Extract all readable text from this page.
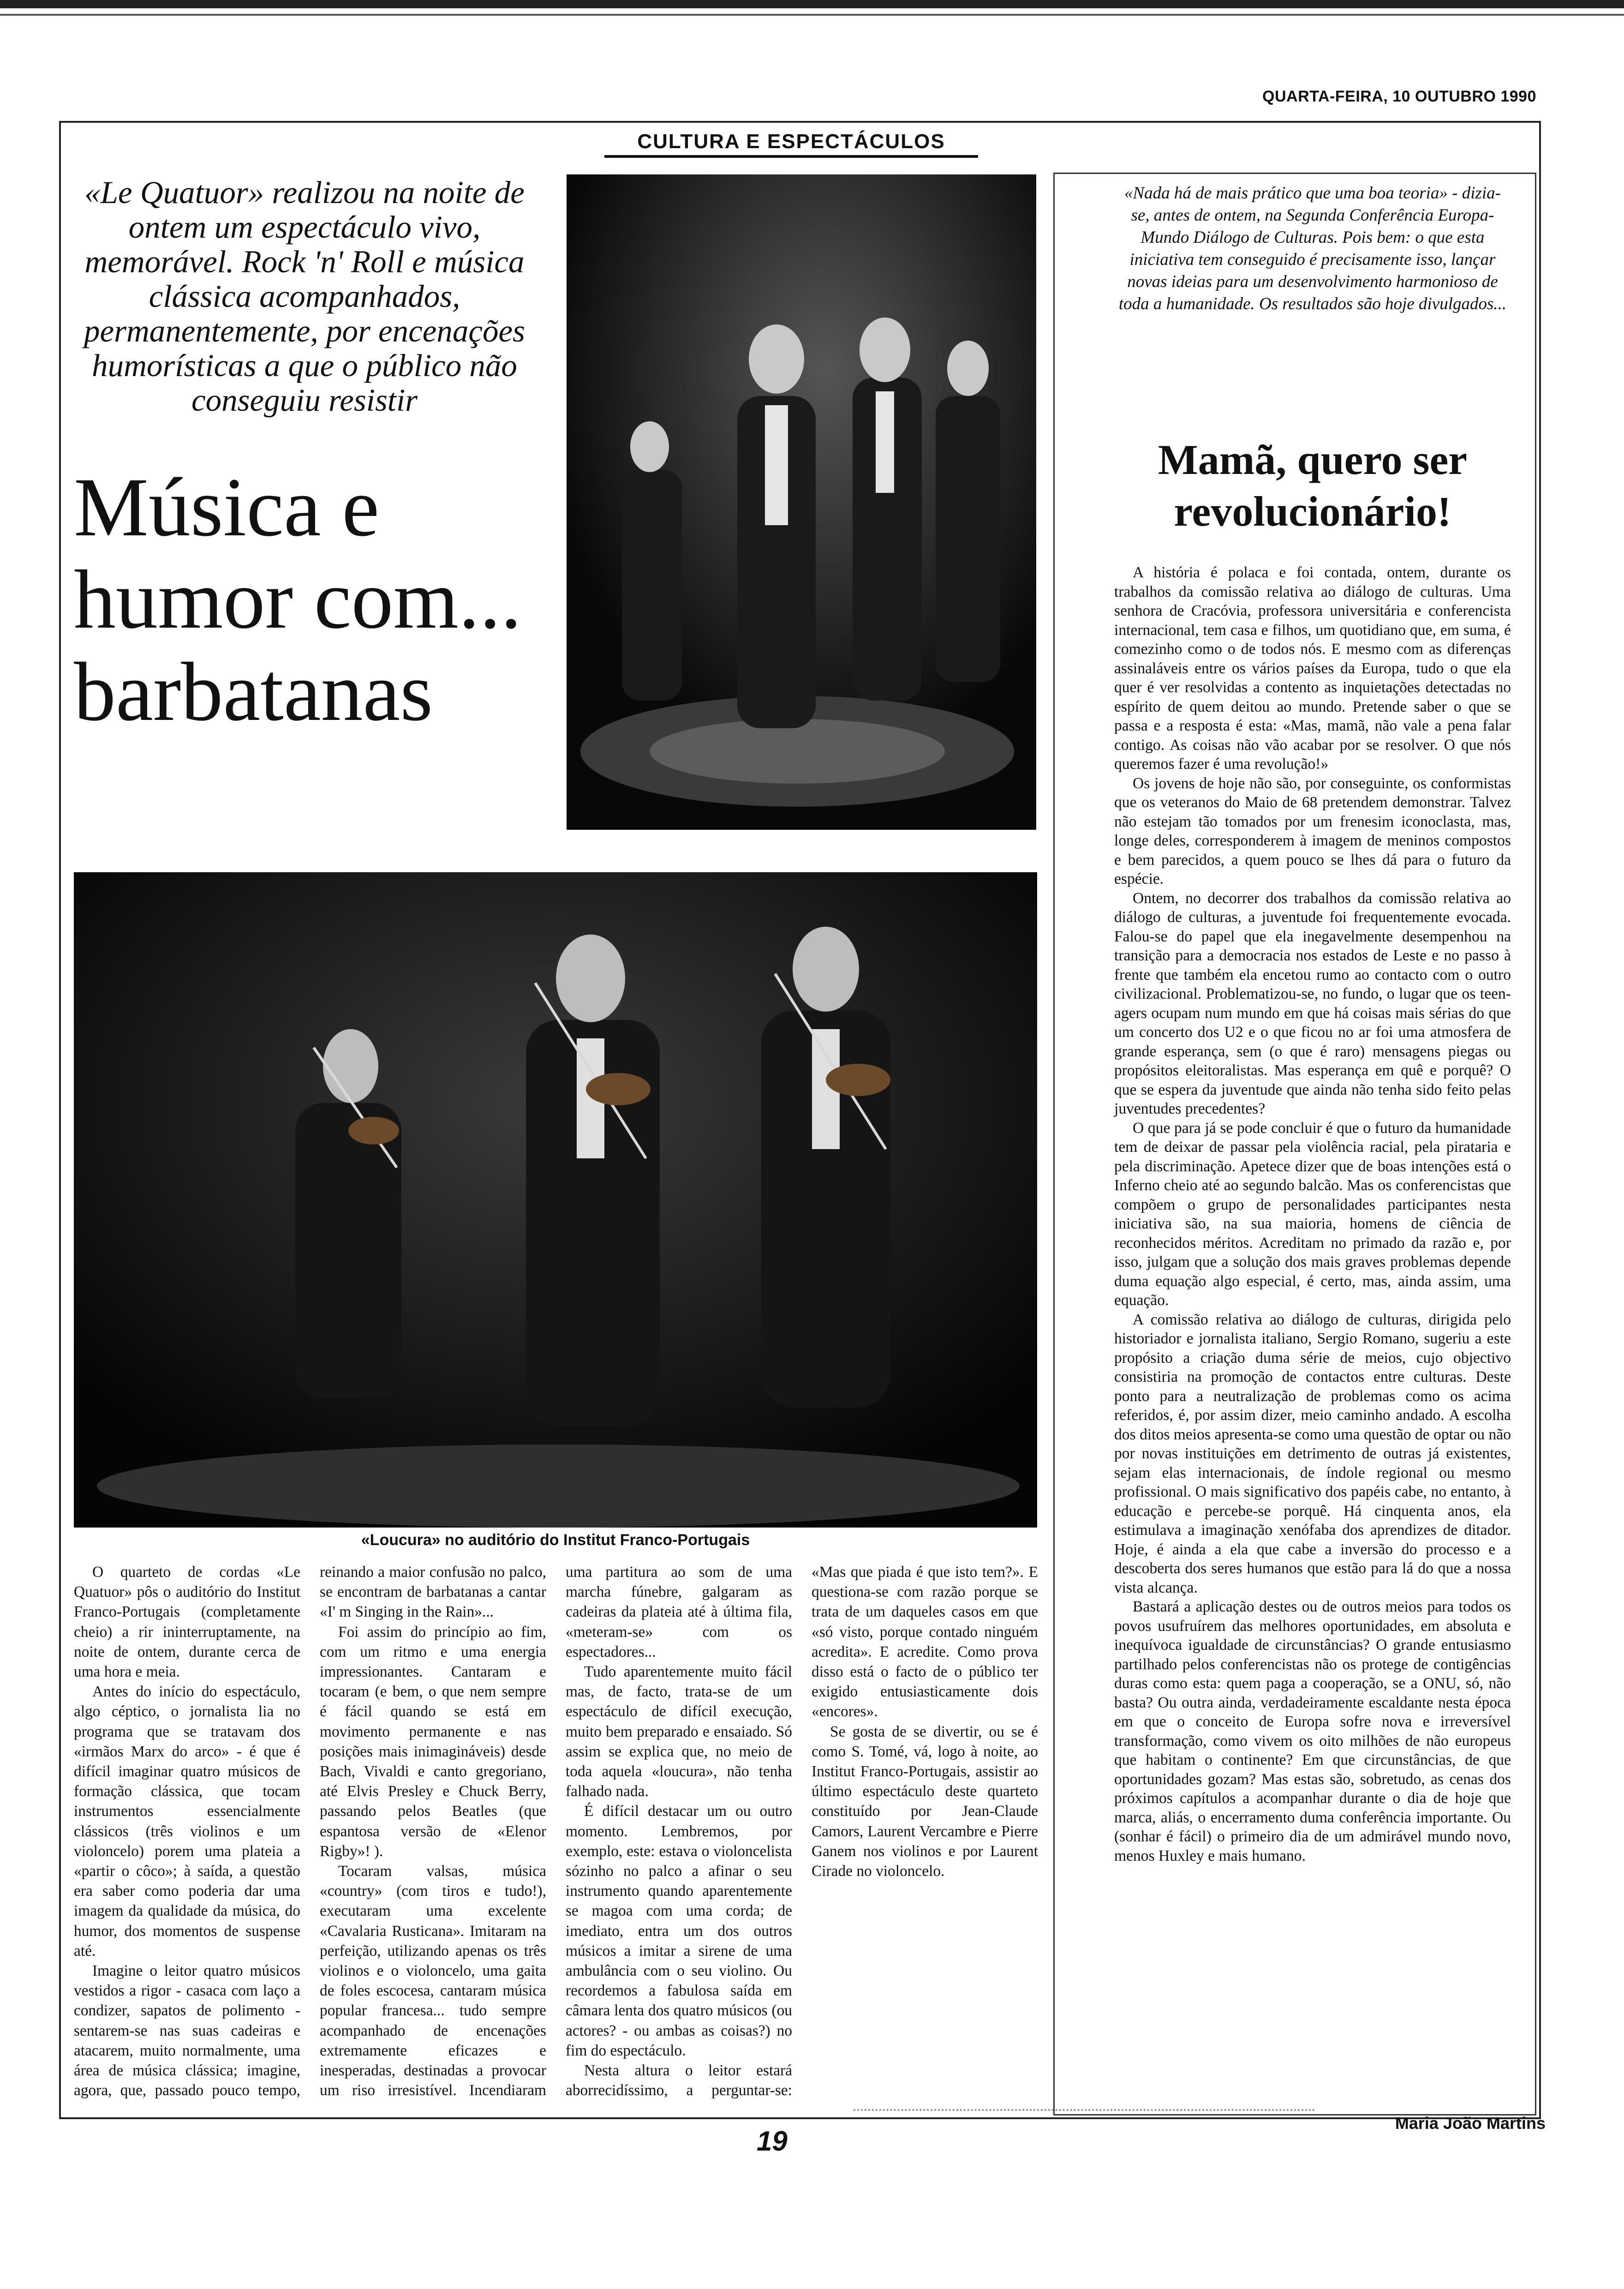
QUARTA-FEIRA, 10 OUTUBRO 1990
CULTURA E ESPECTÁCULOS
«Le Quatuor» realizou na noite de ontem um espectáculo vivo, memorável. Rock 'n' Roll e música clássica acompanhados, permanentemente, por encenações humorísticas a que o público não conseguiu resistir
Música e humor com... barbatanas
«Loucura» no auditório do Institut Franco-Portugais

O quarteto de cordas «Le Quatuor» pôs o auditório do Institut Franco-Portugais (completamente cheio) a rir ininterruptamente, na noite de ontem, durante cerca de uma hora e meia.

Antes do início do espectáculo, algo céptico, o jornalista lia no programa que se tratavam dos «irmãos Marx do arco» - é que é difícil imaginar quatro músicos de formação clássica, que tocam instrumentos essencialmente clássicos (três violinos e um violoncelo) porem uma plateia a «partir o côco»; à saída, a questão era saber como poderia dar uma imagem da qualidade da música, do humor, dos momentos de suspense até.

Imagine o leitor quatro músicos vestidos a rigor - casaca com laço a condizer, sapatos de polimento - sentarem-se nas suas cadeiras e atacarem, muito normalmente, uma área de música clássica; imagine, agora, que, passado pouco tempo, reinando a maior confusão no palco, se encontram de barbatanas a cantar «I' m Singing in the Rain»...

Foi assim do princípio ao fim, com um ritmo e uma energia impressionantes. Cantaram e tocaram (e bem, o que nem sempre é fácil quando se está em movimento permanente e nas posições mais inimagináveis) desde Bach, Vivaldi e canto gregoriano, até Elvis Presley e Chuck Berry, passando pelos Beatles (que espantosa versão de «Elenor Rigby»! ).

Tocaram valsas, música «country» (com tiros e tudo!), executaram uma excelente «Cavalaria Rusticana». Imitaram na perfeição, utilizando apenas os três violinos e o violoncelo, uma gaita de foles escocesa, cantaram música popular francesa... tudo sempre acompanhado de encenações extremamente eficazes e inesperadas, destinadas a provocar um riso irresistível. Incendiaram uma partitura ao som de uma marcha fúnebre, galgaram as cadeiras da plateia até à última fila, «meteram-se» com os espectadores...

Tudo aparentemente muito fácil mas, de facto, trata-se de um espectáculo de difícil execução, muito bem preparado e ensaiado. Só assim se explica que, no meio de toda aquela «loucura», não tenha falhado nada.

É difícil destacar um ou outro momento. Lembremos, por exemplo, este: estava o violoncelista sózinho no palco a afinar o seu instrumento quando aparentemente se magoa com uma corda; de imediato, entra um dos outros músicos a imitar a sirene de uma ambulância com o seu violino. Ou recordemos a fabulosa saída em câmara lenta dos quatro músicos (ou actores? - ou ambas as coisas?) no fim do espectáculo.

Nesta altura o leitor estará aborrecidíssimo, a perguntar-se: «Mas que piada é que isto tem?». E questiona-se com razão porque se trata de um daqueles casos em que «só visto, porque contado ninguém acredita». E acredite. Como prova disso está o facto de o público ter exigido entusiasticamente dois «encores».

Se gosta de se divertir, ou se é como S. Tomé, vá, logo à noite, ao Institut Franco-Portugais, assistir ao último espectáculo deste quarteto constituído por Jean-Claude Camors, Laurent Vercambre e Pierre Ganem nos violinos e por Laurent Cirade no violoncelo.

«Nada há de mais prático que uma boa teoria» - dizia-se, antes de ontem, na Segunda Conferência Europa-Mundo Diálogo de Culturas. Pois bem: o que esta iniciativa tem conseguido é precisamente isso, lançar novas ideias para um desenvolvimento harmonioso de toda a humanidade. Os resultados são hoje divulgados...
Mamã, quero ser revolucionário!

A história é polaca e foi contada, ontem, durante os trabalhos da comissão relativa ao diálogo de culturas. Uma senhora de Cracóvia, professora universitária e conferencista internacional, tem casa e filhos, um quotidiano que, em suma, é comezinho como o de todos nós. E mesmo com as diferenças assinaláveis entre os vários países da Europa, tudo o que ela quer é ver resolvidas a contento as inquietações detectadas no espírito de quem deitou ao mundo. Pretende saber o que se passa e a resposta é esta: «Mas, mamã, não vale a pena falar contigo. As coisas não vão acabar por se resolver. O que nós queremos fazer é uma revolução!»

Os jovens de hoje não são, por conseguinte, os conformistas que os veteranos do Maio de 68 pretendem demonstrar. Talvez não estejam tão tomados por um frenesim iconoclasta, mas, longe deles, corresponderem à imagem de meninos compostos e bem parecidos, a quem pouco se lhes dá para o futuro da espécie.

Ontem, no decorrer dos trabalhos da comissão relativa ao diálogo de culturas, a juventude foi frequentemente evocada. Falou-se do papel que ela inegavelmente desempenhou na transição para a democracia nos estados de Leste e no passo à frente que também ela encetou rumo ao contacto com o outro civilizacional. Problematizou-se, no fundo, o lugar que os teen-agers ocupam num mundo em que há coisas mais sérias do que um concerto dos U2 e o que ficou no ar foi uma atmosfera de grande esperança, sem (o que é raro) mensagens piegas ou propósitos eleitoralistas. Mas esperança em quê e porquê? O que se espera da juventude que ainda não tenha sido feito pelas juventudes precedentes?

O que para já se pode concluir é que o futuro da humanidade tem de deixar de passar pela violência racial, pela pirataria e pela discriminação. Apetece dizer que de boas intenções está o Inferno cheio até ao segundo balcão. Mas os conferencistas que compõem o grupo de personalidades participantes nesta iniciativa são, na sua maioria, homens de ciência de reconhecidos méritos. Acreditam no primado da razão e, por isso, julgam que a solução dos mais graves problemas depende duma equação algo especial, é certo, mas, ainda assim, uma equação.

A comissão relativa ao diálogo de culturas, dirigida pelo historiador e jornalista italiano, Sergio Romano, sugeriu a este propósito a criação duma série de meios, cujo objectivo consistiria na promoção de contactos entre culturas. Deste ponto para a neutralização de problemas como os acima referidos, é, por assim dizer, meio caminho andado. A escolha dos ditos meios apresenta-se como uma questão de optar ou não por novas instituições em detrimento de outras já existentes, sejam elas internacionais, de índole regional ou mesmo profissional. O mais significativo dos papéis cabe, no entanto, à educação e percebe-se porquê. Há cinquenta anos, ela estimulava a imaginação xenófaba dos aprendizes de ditador. Hoje, é ainda a ela que cabe a inversão do processo e a descoberta dos seres humanos que estão para lá do que a nossa vista alcança.

Bastará a aplicação destes ou de outros meios para todos os povos usufruírem das melhores oportunidades, em absoluta e inequívoca igualdade de circunstâncias? O grande entusiasmo partilhado pelos conferencistas não os protege de contigências duras como esta: quem paga a cooperação, se a ONU, só, não basta? Ou outra ainda, verdadeiramente escaldante nesta época em que o conceito de Europa sofre nova e irreversível transformação, como vivem os oito milhões de não europeus que habitam o continente? Em que circunstâncias, de que oportunidades gozam? Mas estas são, sobretudo, as cenas dos próximos capítulos a acompanhar durante o dia de hoje que marca, aliás, o encerramento duma conferência importante. Ou (sonhar é fácil) o primeiro dia de um admirável mundo novo, menos Huxley e mais humano.

Maria João Martins
19
